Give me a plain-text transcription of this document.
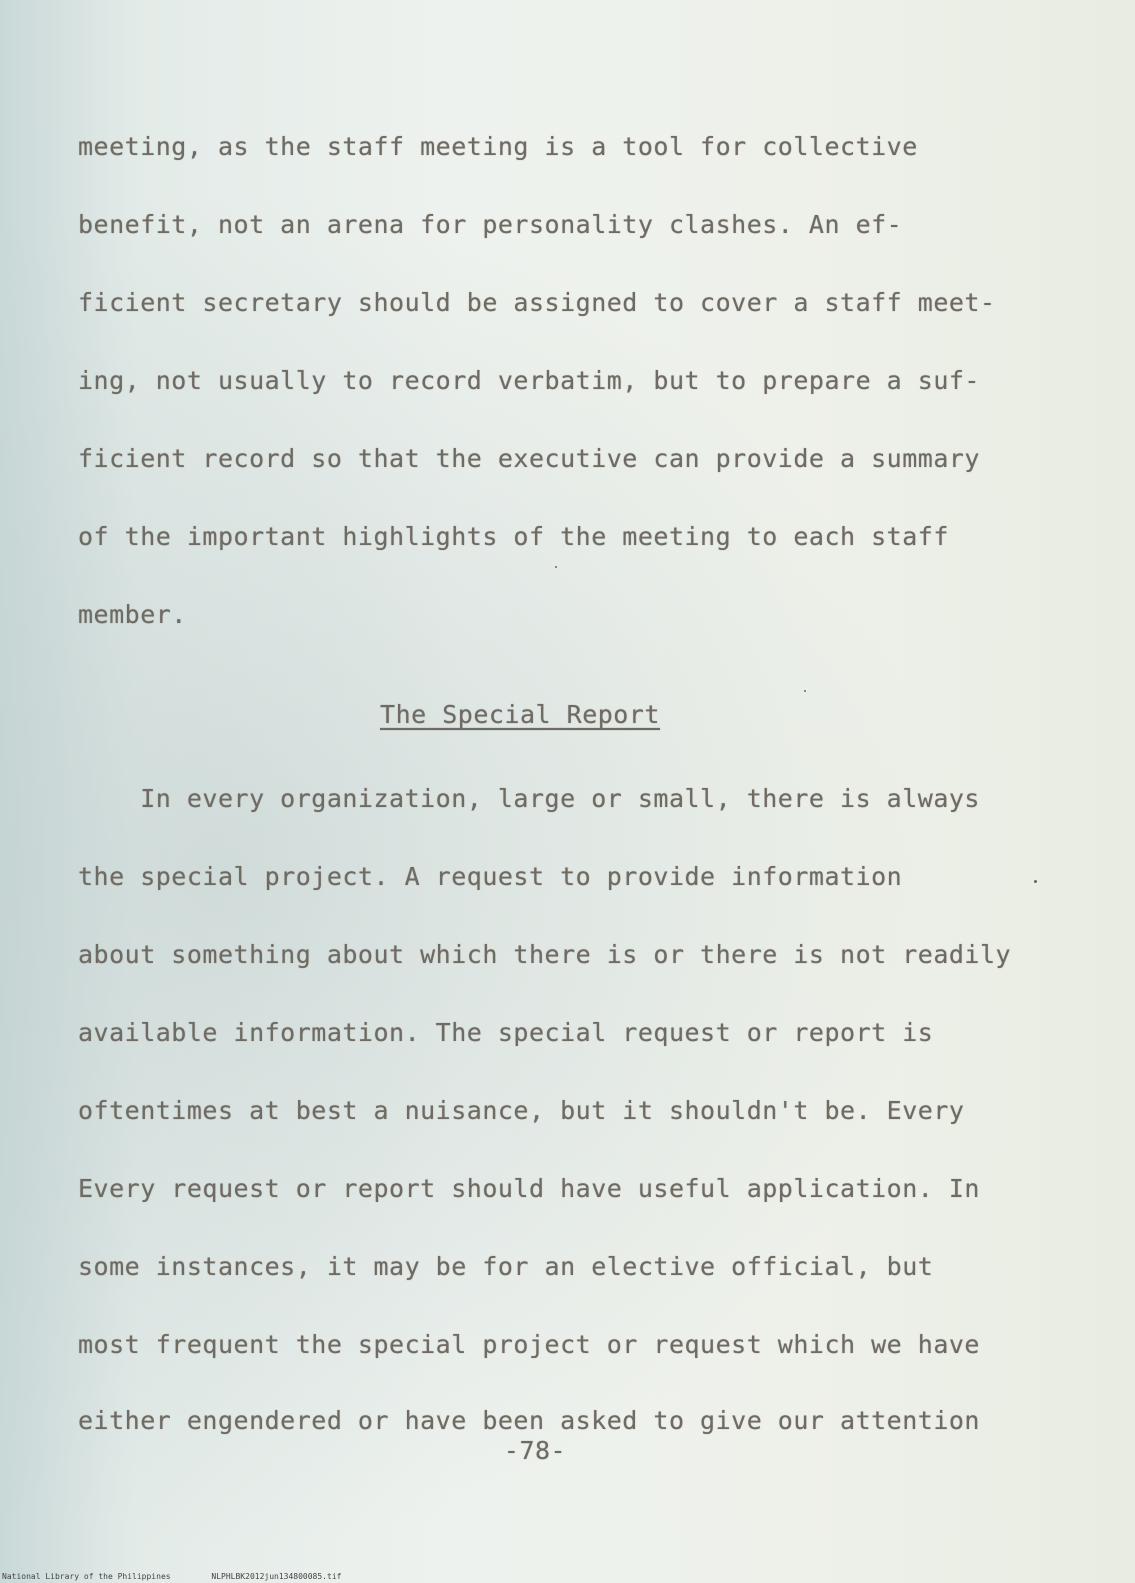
meeting, as the staff meeting is a tool for collective
benefit, not an arena for personality clashes. An ef-
ficient secretary should be assigned to cover a staff meet-
ing, not usually to record verbatim, but to prepare a suf-
ficient record so that the executive can provide a summary
of the important highlights of the meeting to each staff
member.
The Special Report
In every organization, large or small, there is always
the special project. A request to provide information
about something about which there is or there is not readily
available information. The special request or report is
oftentimes at best a nuisance, but it shouldn't be. Every
Every request or report should have useful application. In
some instances, it may be for an elective official, but
most frequent the special project or request which we have
either engendered or have been asked to give our attention
-78-
National Library of the Philippines	NLPHLBK2012jun134800085.tif
